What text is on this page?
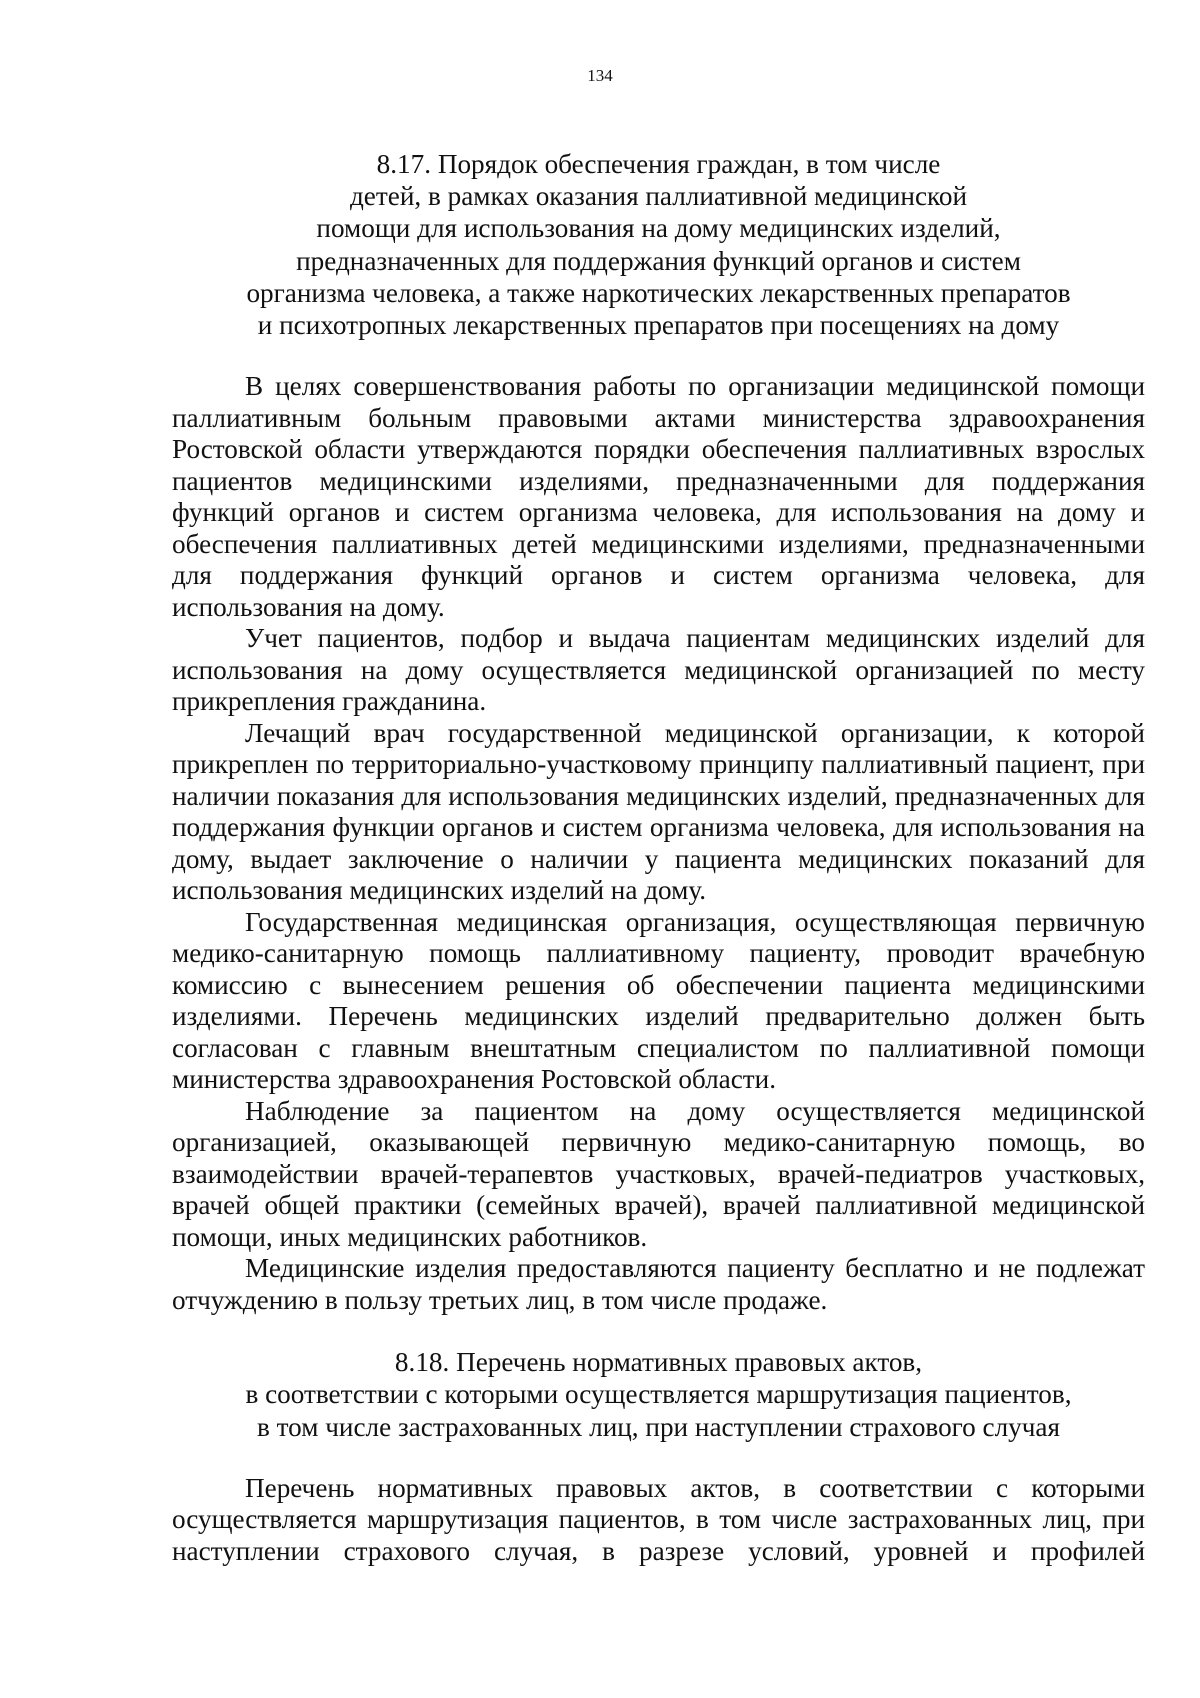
134
8.17. Порядок обеспечения граждан, в том числе
детей, в рамках оказания паллиативной медицинской
помощи для использования на дому медицинских изделий,
предназначенных для поддержания функций органов и систем
организма человека, а также наркотических лекарственных препаратов
и психотропных лекарственных препаратов при посещениях на дому

В целях совершенствования работы по организации медицинской помощи паллиативным больным правовыми актами министерства здравоохранения Ростовской области утверждаются порядки обеспечения паллиативных взрослых пациентов медицинскими изделиями, предназначенными для поддержания функций органов и систем организма человека, для использования на дому и обеспечения паллиативных детей медицинскими изделиями, предназначенными для поддержания функций органов и систем организма человека, для использования на дому.

Учет пациентов, подбор и выдача пациентам медицинских изделий для использования на дому осуществляется медицинской организацией по месту прикрепления гражданина.

Лечащий врач государственной медицинской организации, к которой прикреплен по территориально-участковому принципу паллиативный пациент, при наличии показания для использования медицинских изделий, предназначенных для поддержания функции органов и систем организма человека, для использования на дому, выдает заключение о наличии у пациента медицинских показаний для использования медицинских изделий на дому.

Государственная медицинская организация, осуществляющая первичную медико-санитарную помощь паллиативному пациенту, проводит врачебную комиссию с вынесением решения об обеспечении пациента медицинскими изделиями. Перечень медицинских изделий предварительно должен быть согласован с главным внештатным специалистом по паллиативной помощи министерства здравоохранения Ростовской области.

Наблюдение за пациентом на дому осуществляется медицинской организацией, оказывающей первичную медико-санитарную помощь, во взаимодействии врачей-терапевтов участковых, врачей-педиатров участковых, врачей общей практики (семейных врачей), врачей паллиативной медицинской помощи, иных медицинских работников.

Медицинские изделия предоставляются пациенту бесплатно и не подлежат отчуждению в пользу третьих лиц, в том числе продаже.

8.18. Перечень нормативных правовых актов,
в соответствии с которыми осуществляется маршрутизация пациентов,
в том числе застрахованных лиц, при наступлении страхового случая

Перечень нормативных правовых актов, в соответствии с которыми осуществляется маршрутизация пациентов, в том числе застрахованных лиц, при наступлении страхового случая, в разрезе условий, уровней и профилей
